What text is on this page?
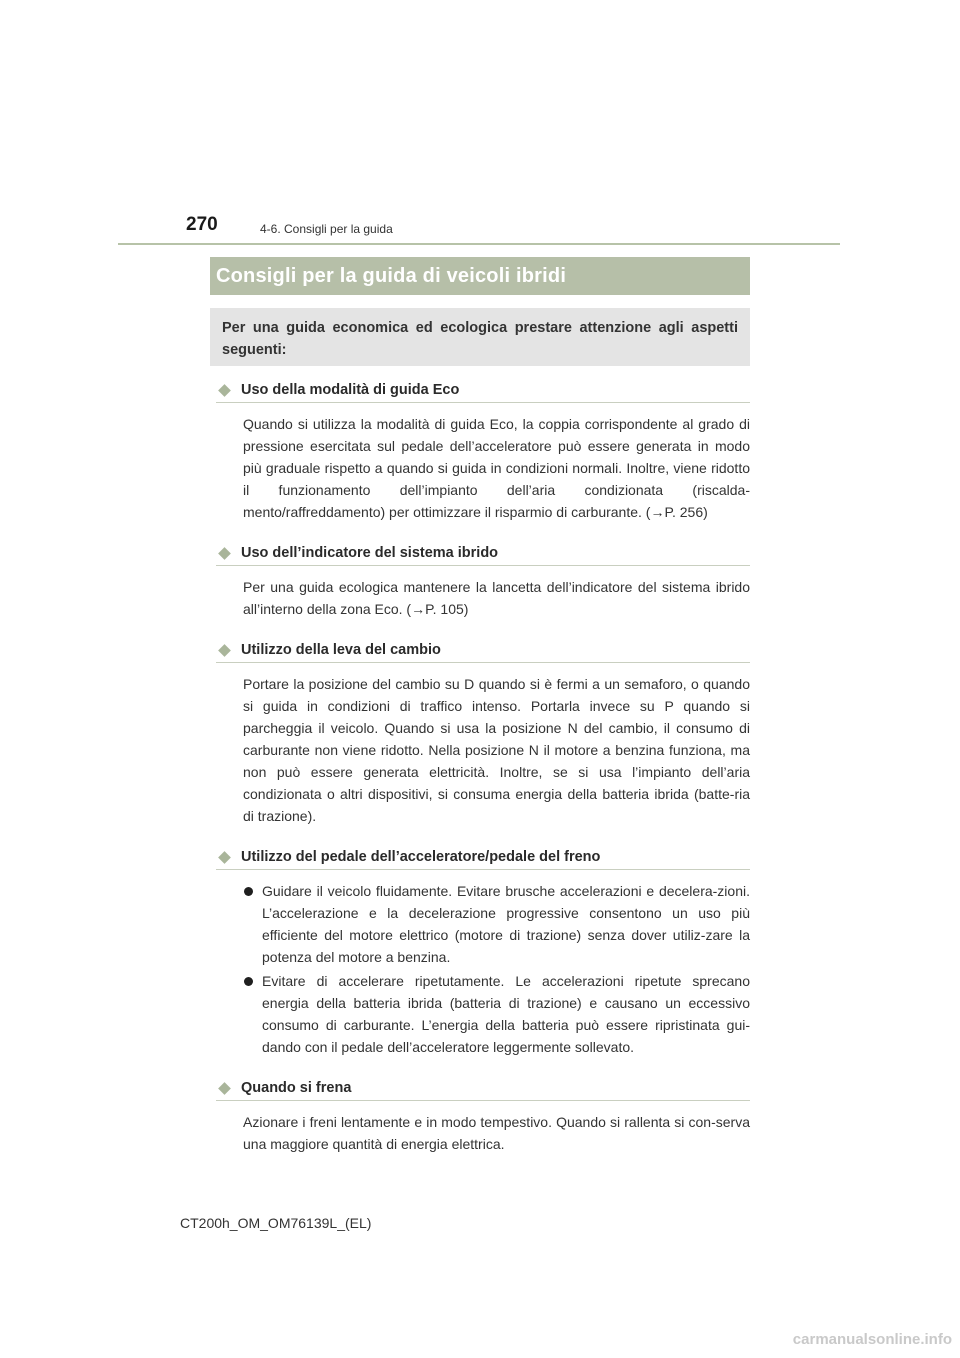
270	4-6. Consigli per la guida
Consigli per la guida di veicoli ibridi
Per una guida economica ed ecologica prestare attenzione agli aspetti seguenti:
Uso della modalità di guida Eco

Quando si utilizza la modalità di guida Eco, la coppia corrispondente al grado di pressione esercitata sul pedale dell’acceleratore può essere generata in modo più graduale rispetto a quando si guida in condizioni normali. Inoltre, viene ridotto il funzionamento dell’impianto dell’aria condizionata (riscalda-mento/raffreddamento) per ottimizzare il risparmio di carburante. (→P. 256)

Uso dell’indicatore del sistema ibrido

Per una guida ecologica mantenere la lancetta dell’indicatore del sistema ibrido all’interno della zona Eco. (→P. 105)

Utilizzo della leva del cambio

Portare la posizione del cambio su D quando si è fermi a un semaforo, o quando si guida in condizioni di traffico intenso. Portarla invece su P quando si parcheggia il veicolo. Quando si usa la posizione N del cambio, il consumo di carburante non viene ridotto. Nella posizione N il motore a benzina funziona, ma non può essere generata elettricità. Inoltre, se si usa l’impianto dell’aria condizionata o altri dispositivi, si consuma energia della batteria ibrida (batte-ria di trazione).

Utilizzo del pedale dell’acceleratore/pedale del freno
Guidare il veicolo fluidamente. Evitare brusche accelerazioni e decelera-zioni. L’accelerazione e la decelerazione progressive consentono un uso più efficiente del motore elettrico (motore di trazione) senza dover utiliz-zare la potenza del motore a benzina.
Evitare di accelerare ripetutamente. Le accelerazioni ripetute sprecano energia della batteria ibrida (batteria di trazione) e causano un eccessivo consumo di carburante. L’energia della batteria può essere ripristinata gui-dando con il pedale dell’acceleratore leggermente sollevato.
Quando si frena

Azionare i freni lentamente e in modo tempestivo. Quando si rallenta si con-serva una maggiore quantità di energia elettrica.

CT200h_OM_OM76139L_(EL)
carmanualsonline.info
